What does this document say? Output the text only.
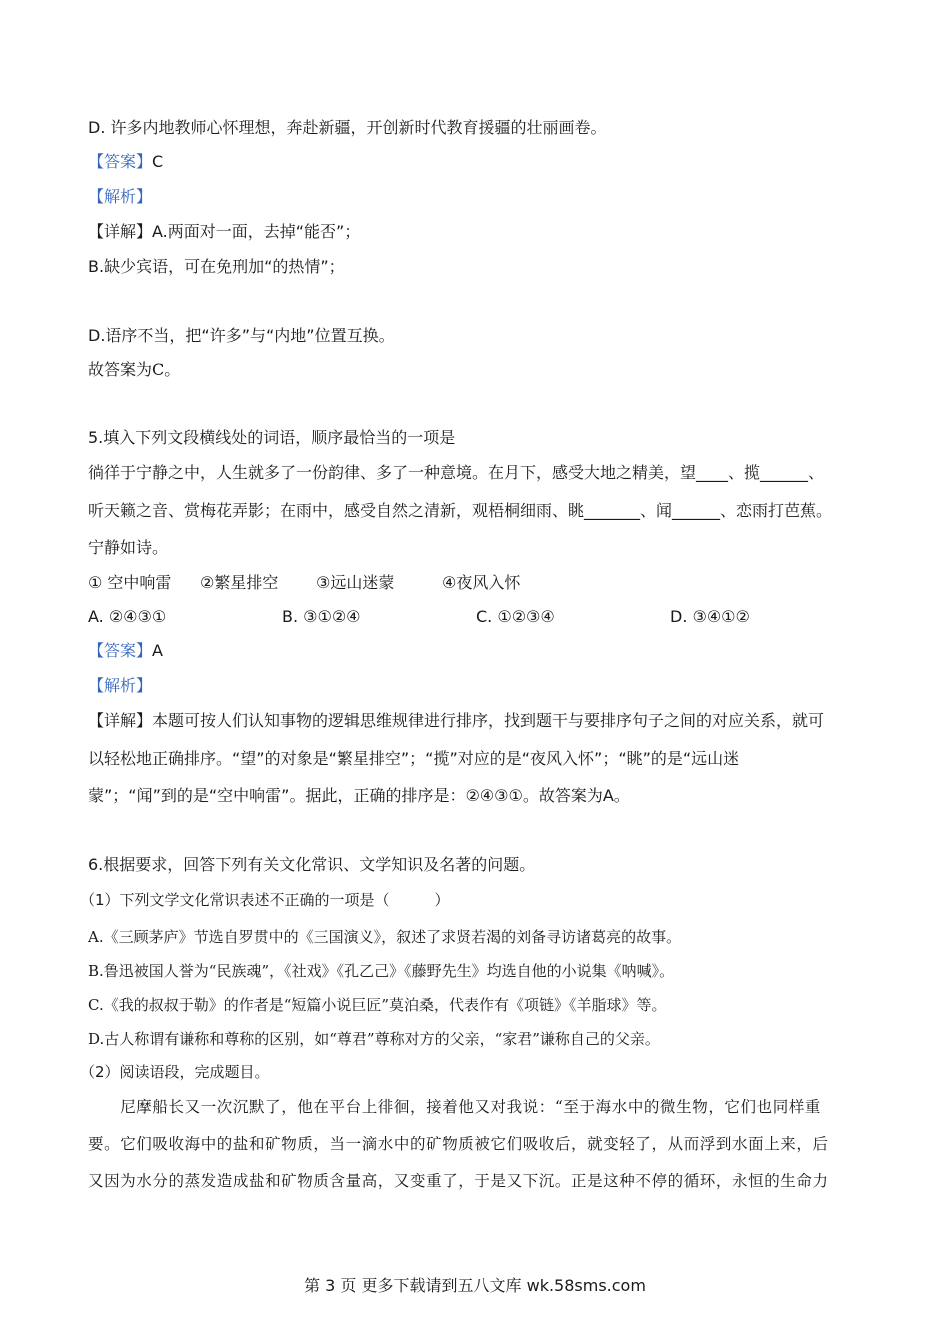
D. 许多内地教师心怀理想，奔赴新疆，开创新时代教育援疆的壮丽画卷。
【答案】C
【解析】
【详解】A.两面对一面，去掉“能否”；
B.缺少宾语，可在免刑加“的热情”；
D.语序不当，把“许多”与“内地”位置互换。
故答案为C。
5.填入下列文段横线处的词语，顺序最恰当的一项是
徜徉于宁静之中，人生就多了一份韵律、多了一种意境。在月下，感受大地之精美，望____、揽______、
听天籁之音、赏梅花弄影；在雨中，感受自然之清新，观梧桐细雨、眺_______、闻______、恋雨打芭蕉。
宁静如诗。
① 空中响雷 ②繁星排空 ③远山迷蒙	④夜风入怀
A. ②④③①	B. ③①②④	C. ①②③④	D. ③④①②
【答案】A
【解析】
【详解】本题可按人们认知事物的逻辑思维规律进行排序，找到题干与要排序句子之间的对应关系，就可
以轻松地正确排序。“望”的对象是“繁星排空”；“揽”对应的是“夜风入怀”；“眺”的是“远山迷
蒙”；“闻”到的是“空中响雷”。据此，正确的排序是：②④③①。故答案为A。
6.根据要求，回答下列有关文化常识、文学知识及名著的问题。
（1）下列文学文化常识表述不正确的一项是（　　　）
A.《三顾茅庐》节选自罗贯中的《三国演义》，叙述了求贤若渴的刘备寻访诸葛亮的故事。
B.鲁迅被国人誉为“民族魂”，《社戏》《孔乙己》《藤野先生》均选自他的小说集《呐喊》。
C.《我的叔叔于勒》的作者是“短篇小说巨匠”莫泊桑，代表作有《项链》《羊脂球》等。
D.古人称谓有谦称和尊称的区别，如“尊君”尊称对方的父亲，“家君”谦称自己的父亲。
（2）阅读语段，完成题目。
　　尼摩船长又一次沉默了，他在平台上徘徊，接着他又对我说：“至于海水中的微生物，它们也同样重
要。它们吸收海中的盐和矿物质，当一滴水中的矿物质被它们吸收后，就变轻了，从而浮到水面上来，后
又因为水分的蒸发造成盐和矿物质含量高，又变重了，于是又下沉。正是这种不停的循环，永恒的生命力
第 3 页 更多下载请到五八文库 wk.58sms.com
